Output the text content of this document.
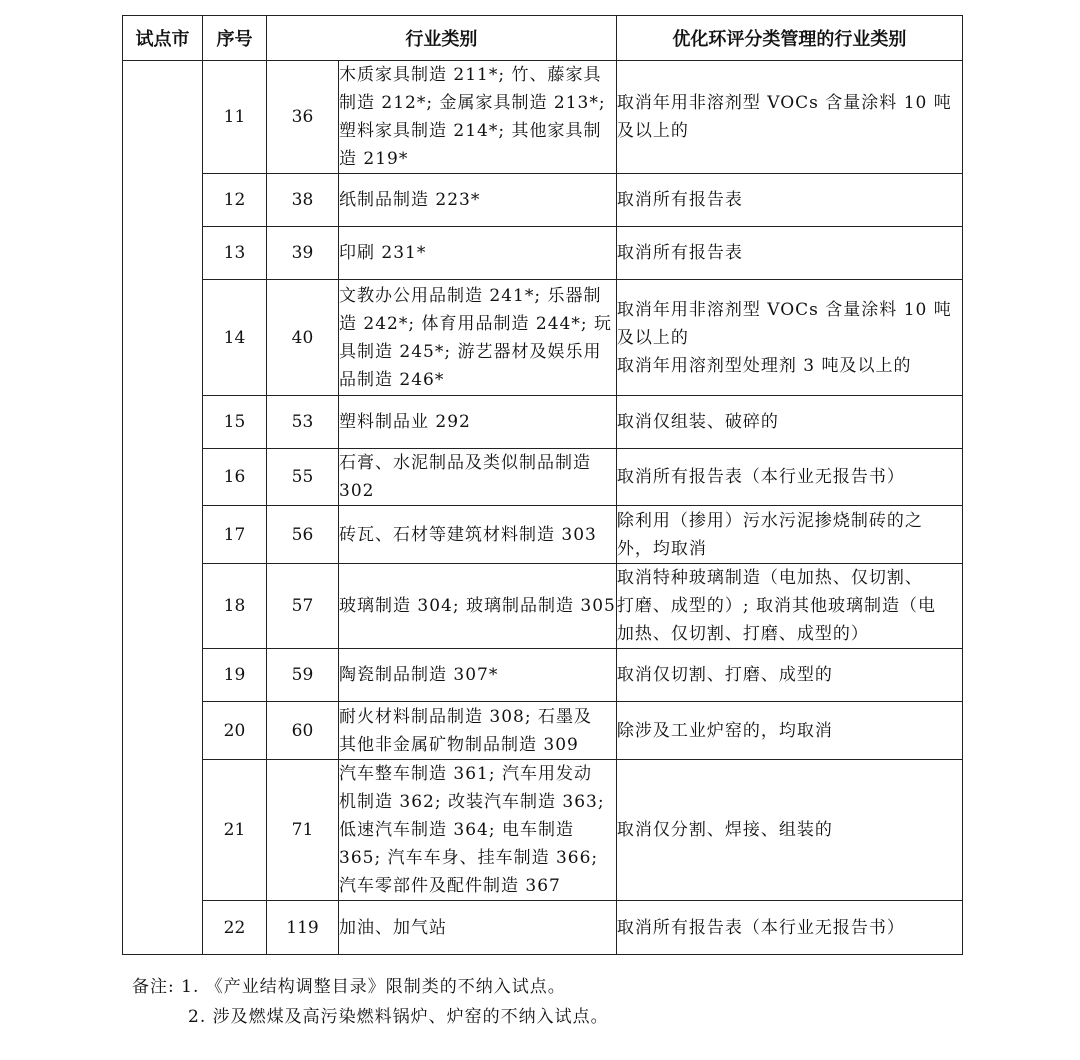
试点市	序号	行业类别		优化环评分类管理的行业类别
	11	36	木质家具制造 211*; 竹、藤家具
制造 212*; 金属家具制造 213*;
塑料家具制造 214*; 其他家具制
造 219*	取消年用非溶剂型 VOCs 含量涂料 10 吨
及以上的

	12	38	纸制品制造 223*	取消所有报告表

	13	39	印刷 231*	取消所有报告表

	14	40	文教办公用品制造 241*; 乐器制
造 242*; 体育用品制造 244*; 玩
具制造 245*; 游艺器材及娱乐用
品制造 246*	取消年用非溶剂型 VOCs 含量涂料 10 吨
及以上的
取消年用溶剂型处理剂 3 吨及以上的

	15	53	塑料制品业 292	取消仅组装、破碎的

	16	55	石膏、水泥制品及类似制品制造
302	取消所有报告表（本行业无报告书）

	17	56	砖瓦、石材等建筑材料制造 303	除利用（掺用）污水污泥掺烧制砖的之
外，均取消

	18	57	玻璃制造 304; 玻璃制品制造 305	取消特种玻璃制造（电加热、仅切割、
打磨、成型的）; 取消其他玻璃制造（电
加热、仅切割、打磨、成型的）

	19	59	陶瓷制品制造 307*	取消仅切割、打磨、成型的

	20	60	耐火材料制品制造 308; 石墨及
其他非金属矿物制品制造 309	除涉及工业炉窑的，均取消

	21	71	汽车整车制造 361; 汽车用发动
机制造 362; 改装汽车制造 363;
低速汽车制造 364; 电车制造
365; 汽车车身、挂车制造 366;
汽车零部件及配件制造 367	取消仅分割、焊接、组装的

	22	119	加油、加气站	取消所有报告表（本行业无报告书）
备注: 1. 《产业结构调整目录》限制类的不纳入试点。
2. 涉及燃煤及高污染燃料锅炉、炉窑的不纳入试点。
